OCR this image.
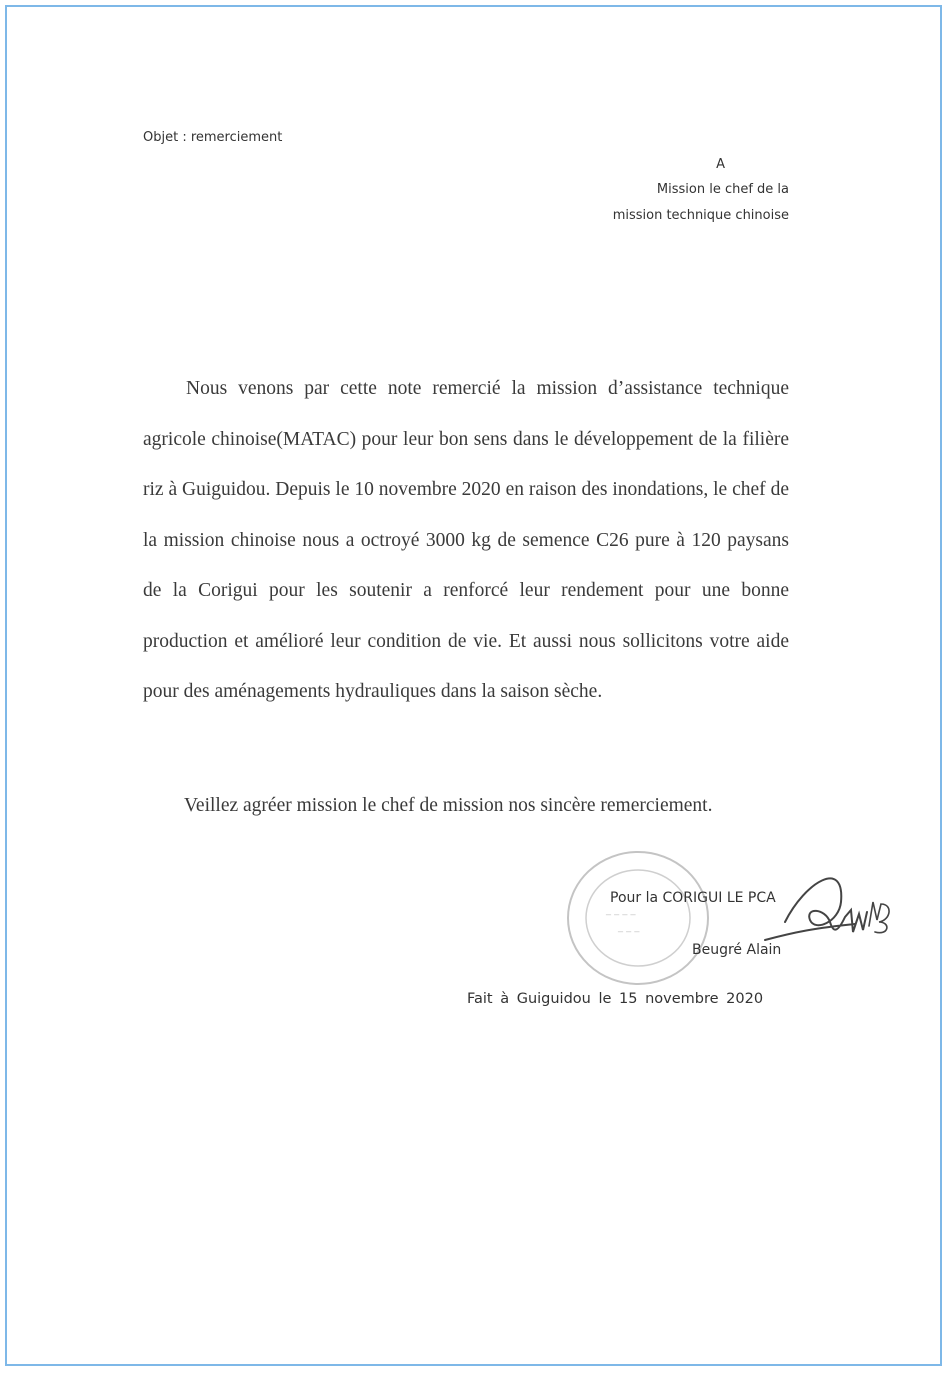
Objet : remerciement
A
Mission le chef de la
mission technique chinoise

Nous venons par cette note remercié la mission d’assistance technique agricole chinoise(MATAC) pour leur bon sens dans le développement de la filière riz à Guiguidou. Depuis le 10 novembre 2020 en raison des inondations, le chef de la mission chinoise nous a octroyé 3000 kg de semence C26 pure à 120 paysans de la Corigui pour les soutenir a renforcé leur rendement pour une bonne production et amélioré leur condition de vie. Et aussi nous sollicitons votre aide pour des aménagements hydrauliques dans la saison sèche.

Veillez agréer mission le chef de mission nos sincère remerciement.
_ _ _ _
_ _ _
Pour la CORIGUI LE PCA
Beugré Alain
Fait à Guiguidou le 15 novembre 2020
